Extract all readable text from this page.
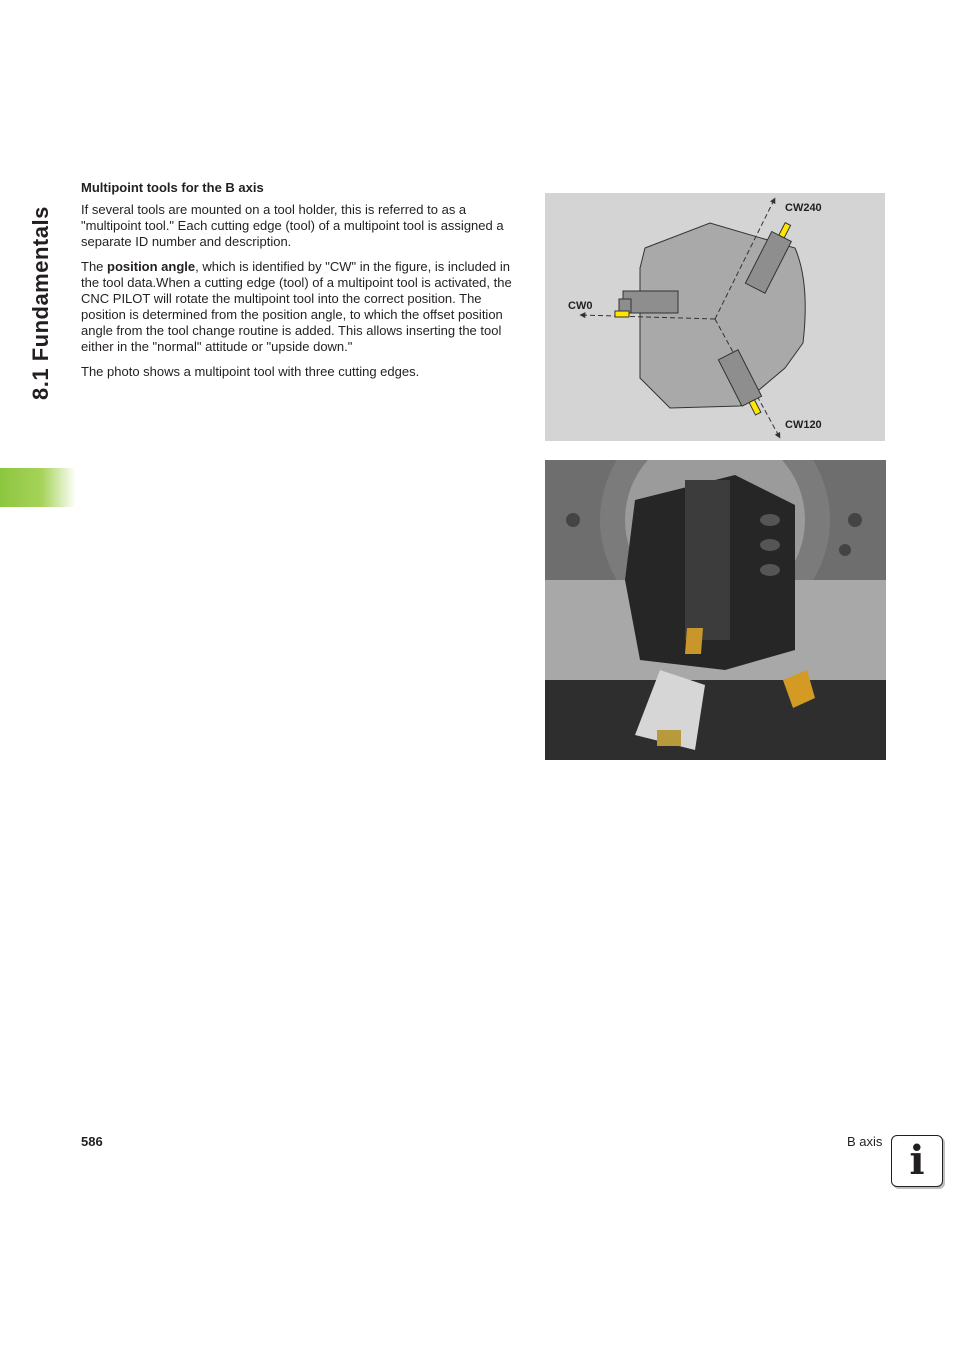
8.1 Fundamentals
Multipoint tools for the B axis

If several tools are mounted on a tool holder, this is referred to as a "multipoint tool." Each cutting edge (tool) of a multipoint tool is assigned a separate ID number and description.

The position angle, which is identified by "CW" in the figure, is included in the tool data.When a cutting edge (tool) of a multipoint tool is activated, the CNC PILOT will rotate the multipoint tool into the correct position. The position is determined from the position angle, to which the offset position angle from the tool change routine is added. This allows inserting the tool either in the "normal" attitude or "upside down."

The photo shows a multipoint tool with three cutting edges.

CW240
CW0
CW120
586	B axis i
